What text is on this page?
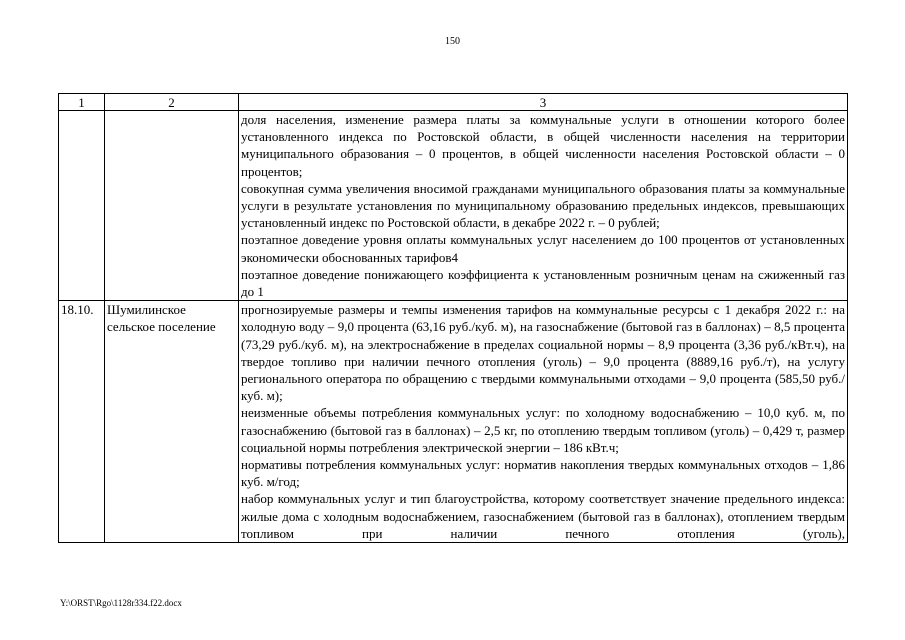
150
1	2	3

		доля населения, изменение размера платы за коммунальные услуги в отношении которого более установленного индекса по Ростовской области, в общей численности населения на территории муниципального образования – 0 процентов, в общей численности населения Ростовской области – 0 процентов;
совокупная сумма увеличения вносимой гражданами муниципального образования платы за коммунальные услуги в результате установления по муниципальному образованию предельных индексов, превышающих установленный индекс по Ростовской области, в декабре 2022 г. – 0 рублей;
поэтапное доведение уровня оплаты коммунальных услуг населением до 100 процентов от установленных экономически обоснованных тарифов4
поэтапное доведение понижающего коэффициента к установленным розничным ценам на сжиженный газ до 1

18.10.	Шумилинское сельское поселение	прогнозируемые размеры и темпы изменения тарифов на коммунальные ресурсы с 1 декабря 2022 г.: на холодную воду – 9,0 процента (63,16 руб./куб. м), на газоснабжение (бытовой газ в баллонах) – 8,5 процента (73,29 руб./куб. м), на электроснабжение в пределах социальной нормы – 8,9 процента (3,36 руб./кВт.ч), на твердое топливо при наличии печного отопления (уголь) – 9,0 процента (8889,16 руб./т), на услугу регионального оператора по обращению с твердыми коммунальными отходами – 9,0 процента (585,50 руб./куб. м);
неизменные объемы потребления коммунальных услуг: по холодному водоснабжению – 10,0 куб. м, по газоснабжению (бытовой газ в баллонах) – 2,5 кг, по отоплению твердым топливом (уголь) – 0,429 т, размер социальной нормы потребления электрической энергии – 186 кВт.ч;
нормативы потребления коммунальных услуг: норматив накопления твердых коммунальных отходов – 1,86 куб. м/год;
набор коммунальных услуг и тип благоустройства, которому соответствует значение предельного индекса: жилые дома с холодным водоснабжением, газоснабжением (бытовой газ в баллонах), отоплением твердым топливом при наличии печного отопления (уголь),
Y:\ORST\Rgo\1128r334.f22.docx
